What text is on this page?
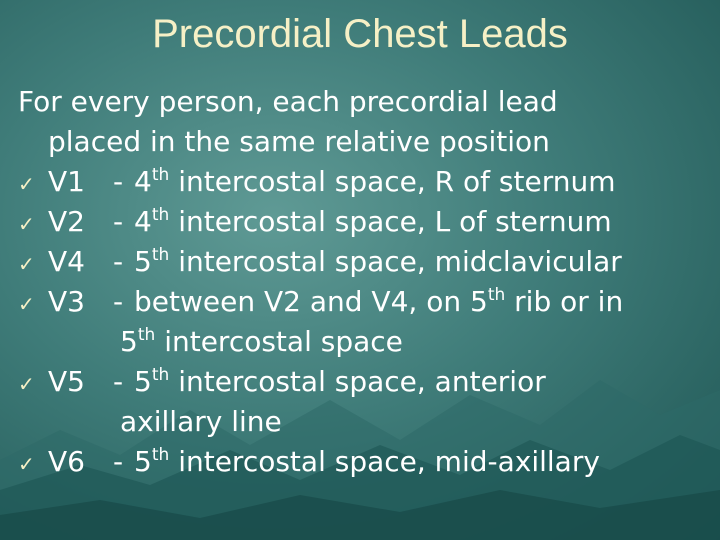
Precordial Chest Leads
For every person, each precordial lead
placed in the same relative position
✓ V1 - 4th intercostal space, R of sternum
✓ V2 - 4th intercostal space, L of sternum
✓ V4 - 5th intercostal space, midclavicular
✓ V3 - between V2 and V4, on 5th rib or in
5th intercostal space
✓ V5 - 5th intercostal space, anterior
axillary line
✓ V6 - 5th intercostal space, mid-axillary
